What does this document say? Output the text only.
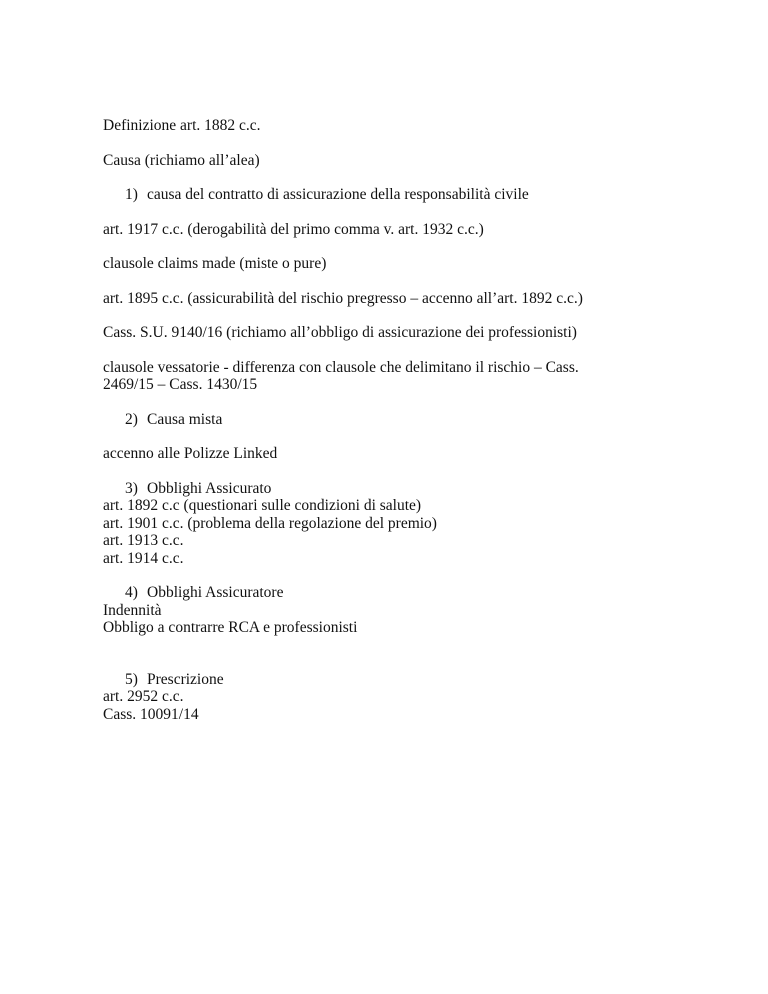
Definizione art. 1882 c.c.

Causa (richiamo all’alea)

1) causa del contratto di assicurazione della responsabilità civile

art. 1917 c.c. (derogabilità del primo comma v. art. 1932 c.c.)

clausole claims made (miste o pure)

art. 1895 c.c. (assicurabilità del rischio pregresso – accenno all’art. 1892 c.c.)

Cass. S.U. 9140/16 (richiamo all’obbligo di assicurazione dei professionisti)

clausole vessatorie - differenza con clausole che delimitano il rischio – Cass. 2469/15 – Cass. 1430/15

2) Causa mista

accenno alle Polizze Linked

3) Obblighi Assicurato
art. 1892 c.c (questionari sulle condizioni di salute)
art. 1901 c.c. (problema della regolazione del premio)
art. 1913 c.c.
art. 1914 c.c.
4) Obblighi Assicuratore
Indennità
Obbligo a contrarre RCA e professionisti
5) Prescrizione
art. 2952 c.c.
Cass. 10091/14
